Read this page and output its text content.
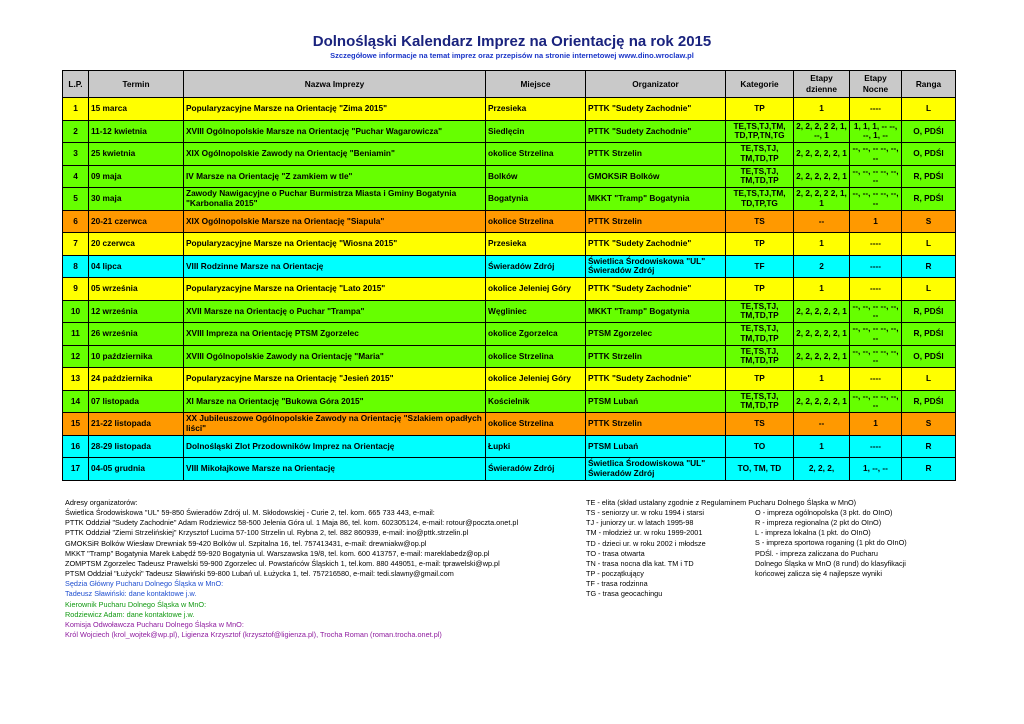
Dolnośląski Kalendarz Imprez na Orientację na rok 2015
Szczegółowe informacje na temat imprez oraz przepisów na stronie internetowej www.dino.wroclaw.pl
L.P.	Termin	Nazwa Imprezy	Miejsce	Organizator	Kategorie	Etapy dzienne	Etapy Nocne	Ranga
1	15 marca	Popularyzacyjne Marsze na Orientację "Zima 2015"	Przesieka	PTTK "Sudety Zachodnie"	TP	1	----	L
2	11-12 kwietnia	XVIII Ogólnopolskie Marsze na Orientację "Puchar Wagarowicza"	Siedlęcin	PTTK "Sudety Zachodnie"	TE,TS,TJ,TM, TD,TP,TN,TG	2, 2, 2, 2 2, 1, --, 1	1, 1, 1, -- --, --, 1, --	O, PDŚl
3	25 kwietnia	XIX Ogólnopolskie Zawody na Orientację "Beniamin"	okolice Strzelina	PTTK Strzelin	TE,TS,TJ, TM,TD,TP	2, 2, 2, 2, 2, 1	--, --, -- --, --, --	O, PDŚl
4	09 maja	IV Marsze na Orientację "Z zamkiem w tle"	Bolków	GMOKSiR Bolków	TE,TS,TJ, TM,TD,TP	2, 2, 2, 2, 2, 1	--, --, -- --, --, --	R, PDŚl
5	30 maja	Zawody Nawigacyjne o Puchar Burmistrza Miasta i Gminy Bogatynia "Karbonalia 2015"	Bogatynia	MKKT "Tramp" Bogatynia	TE,TS,TJ,TM, TD,TP,TG	2, 2, 2, 2 2, 1, 1	--, --, -- --, --, --	R, PDŚl
6	20-21 czerwca	XIX Ogólnopolskie Marsze na Orientację "Siapula"	okolice Strzelina	PTTK Strzelin	TS	--	1	S
7	20 czerwca	Popularyzacyjne Marsze na Orientację "Wiosna 2015"	Przesieka	PTTK "Sudety Zachodnie"	TP	1	----	L
8	04 lipca	VIII Rodzinne Marsze na Orientację	Świeradów Zdrój	Świetlica Środowiskowa "UL" Świeradów Zdrój	TF	2	----	R
9	05 września	Popularyzacyjne Marsze na Orientację "Lato 2015"	okolice Jeleniej Góry	PTTK "Sudety Zachodnie"	TP	1	----	L
10	12 września	XVII Marsze na Orientację o Puchar "Trampa"	Węgliniec	MKKT "Tramp" Bogatynia	TE,TS,TJ, TM,TD,TP	2, 2, 2, 2, 2, 1	--, --, -- --, --, --	R, PDŚl
11	26 września	XVIII Impreza na Orientację PTSM Zgorzelec	okolice Zgorzelca	PTSM Zgorzelec	TE,TS,TJ, TM,TD,TP	2, 2, 2, 2, 2, 1	--, --, -- --, --, --	R, PDŚl
12	10 października	XVIII Ogólnopolskie Zawody na Orientację "Maria"	okolice Strzelina	PTTK Strzelin	TE,TS,TJ, TM,TD,TP	2, 2, 2, 2, 2, 1	--, --, -- --, --, --	O, PDŚl
13	24 października	Popularyzacyjne Marsze na Orientację "Jesień 2015"	okolice Jeleniej Góry	PTTK "Sudety Zachodnie"	TP	1	----	L
14	07 listopada	XI Marsze na Orientację "Bukowa Góra 2015"	Kościelnik	PTSM Lubań	TE,TS,TJ, TM,TD,TP	2, 2, 2, 2, 2, 1	--, --, -- --, --, --	R, PDŚl
15	21-22 listopada	XX Jubileuszowe Ogólnopolskie Zawody na Orientację "Szlakiem opadłych liści"	okolice Strzelina	PTTK Strzelin	TS	--	1	S
16	28-29 listopada	Dolnośląski Zlot Przodowników Imprez na Orientację	Łupki	PTSM Lubań	TO	1	----	R
17	04-05 grudnia	VIII Mikołajkowe Marsze na Orientację	Świeradów Zdrój	Świetlica Środowiskowa "UL" Świeradów Zdrój	TO, TM, TD	2, 2, 2,	1, --, --	R
Adresy organizatorów:
Świetlica Środowiskowa "UL" 59-850 Świeradów Zdrój ul. M. Skłodowskiej - Curie 2, tel. kom. 665 733 443, e-mail:
PTTK Oddział "Sudety Zachodnie" Adam Rodziewicz 58-500 Jelenia Góra ul. 1 Maja 86, tel. kom. 602305124, e-mail: rotour@poczta.onet.pl
PTTK Oddział "Ziemi Strzelińskiej" Krzysztof Lucima 57-100 Strzelin ul. Rybna 2, tel. 882 860939, e-mail: ino@pttk.strzelin.pl
GMOKSiR Bolków Wiesław Drewniak 59-420 Bolków ul. Szpitalna 16, tel. 757413431, e-mail: drewniakw@op.pl
MKKT "Tramp" Bogatynia Marek Łabędź 59-920 Bogatynia ul. Warszawska 19/8, tel. kom. 600 413757, e-mail: mareklabedz@op.pl
ZOMPTSM Zgorzelec Tadeusz Prawelski 59-900 Zgorzelec ul. Powstańców Śląskich 1, tel.kom. 880 449051, e-mail: tprawelski@wp.pl
PTSM Oddział "Łużycki" Tadeusz Sławiński 59-800 Lubań ul. Łużycka 1, tel. 757216580, e-mail: tedi.slawny@gmail.com
Sędzia Główny Pucharu Dolnego Śląska w MnO:
Tadeusz Sławiński: dane kontaktowe j.w.
Kierownik Pucharu Dolnego Śląska w MnO:
Rodziewicz Adam: dane kontaktowe j.w.
Komisja Odwoławcza Pucharu Dolnego Śląska w MnO:
Król Wojciech (krol_wojtek@wp.pl), Ligienza Krzysztof (krzysztof@ligienza.pl), Trocha Roman (roman.trocha.onet.pl)
TE - elita (skład ustalany zgodnie z Regulaminem Pucharu Dolnego Śląska w MnO)
TS - seniorzy ur. w roku 1994 i starsi
TJ - juniorzy ur. w latach 1995-98
TM - młodzież ur. w roku 1999-2001
TD - dzieci ur. w roku 2002 i młodsze
TO - trasa otwarta
TN - trasa nocna dla kat. TM i TD
TP - początkujący
TF - trasa rodzinna
TG - trasa geocachingu
O - impreza ogólnopolska (3 pkt. do OInO)
R - impreza regionalna (2 pkt do OInO)
L - impreza lokalna (1 pkt. do OInO)
S - impreza sportowa roganing (1 pkt do OInO)
PDŚl. - impreza zaliczana do Pucharu
Dolnego Śląska w MnO (8 rund) do klasyfikacji
końcowej zalicza się 4 najlepsze wyniki
